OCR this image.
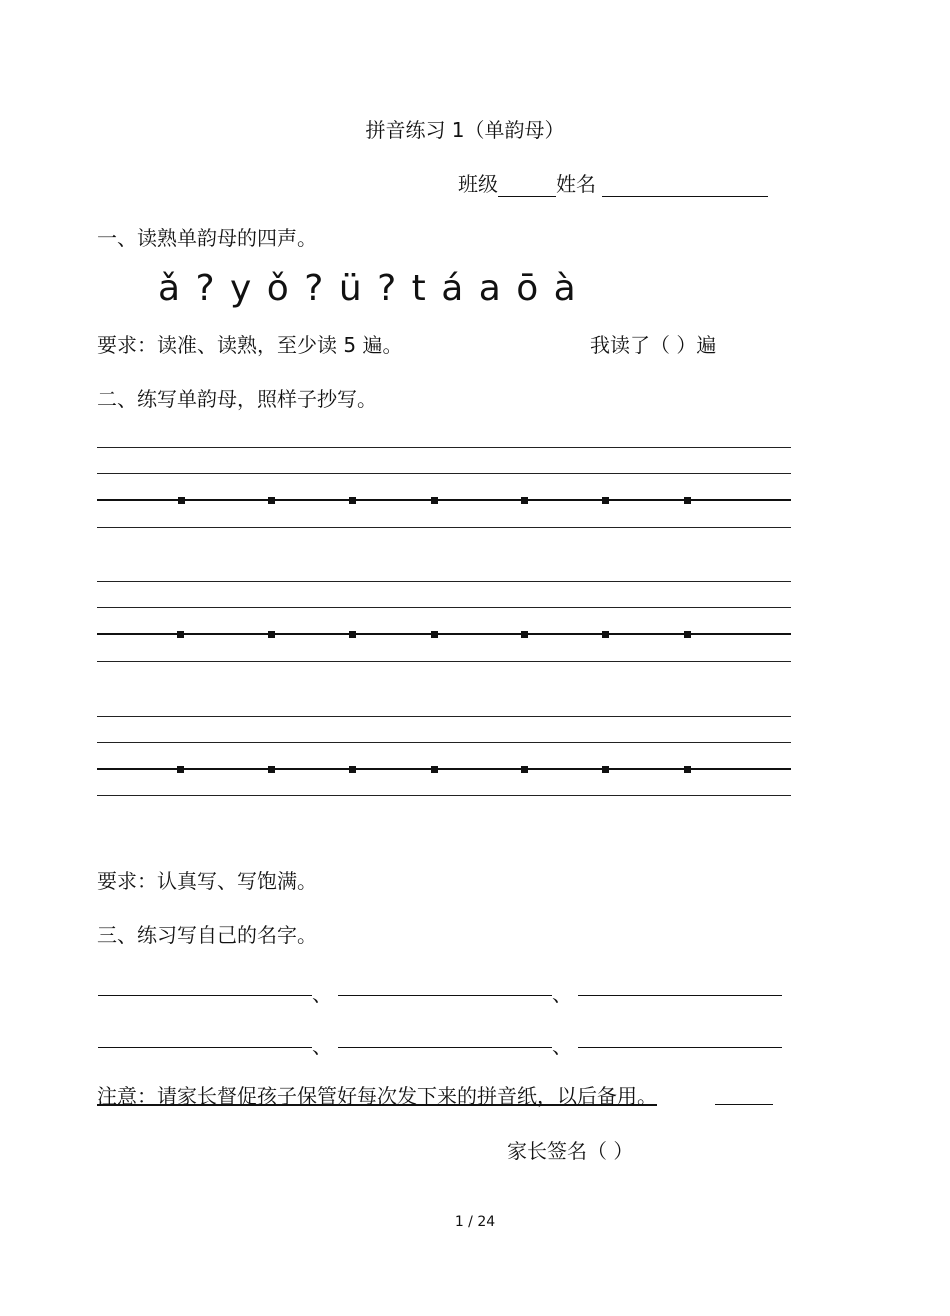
拼音练习 1（单韵母）
班级	姓名
一、读熟单韵母的四声。
ǎ ? y ǒ ? ü ? t á a ō à
要求：读准、读熟，至少读 5 遍。	我读了（ ）遍
二、练写单韵母，照样子抄写。
要求：认真写、写饱满。
三、练习写自己的名字。
、	、
、	、
注意：请家长督促孩子保管好每次发下来的拼音纸，以后备用。
家长签名（ ）
1 / 24
